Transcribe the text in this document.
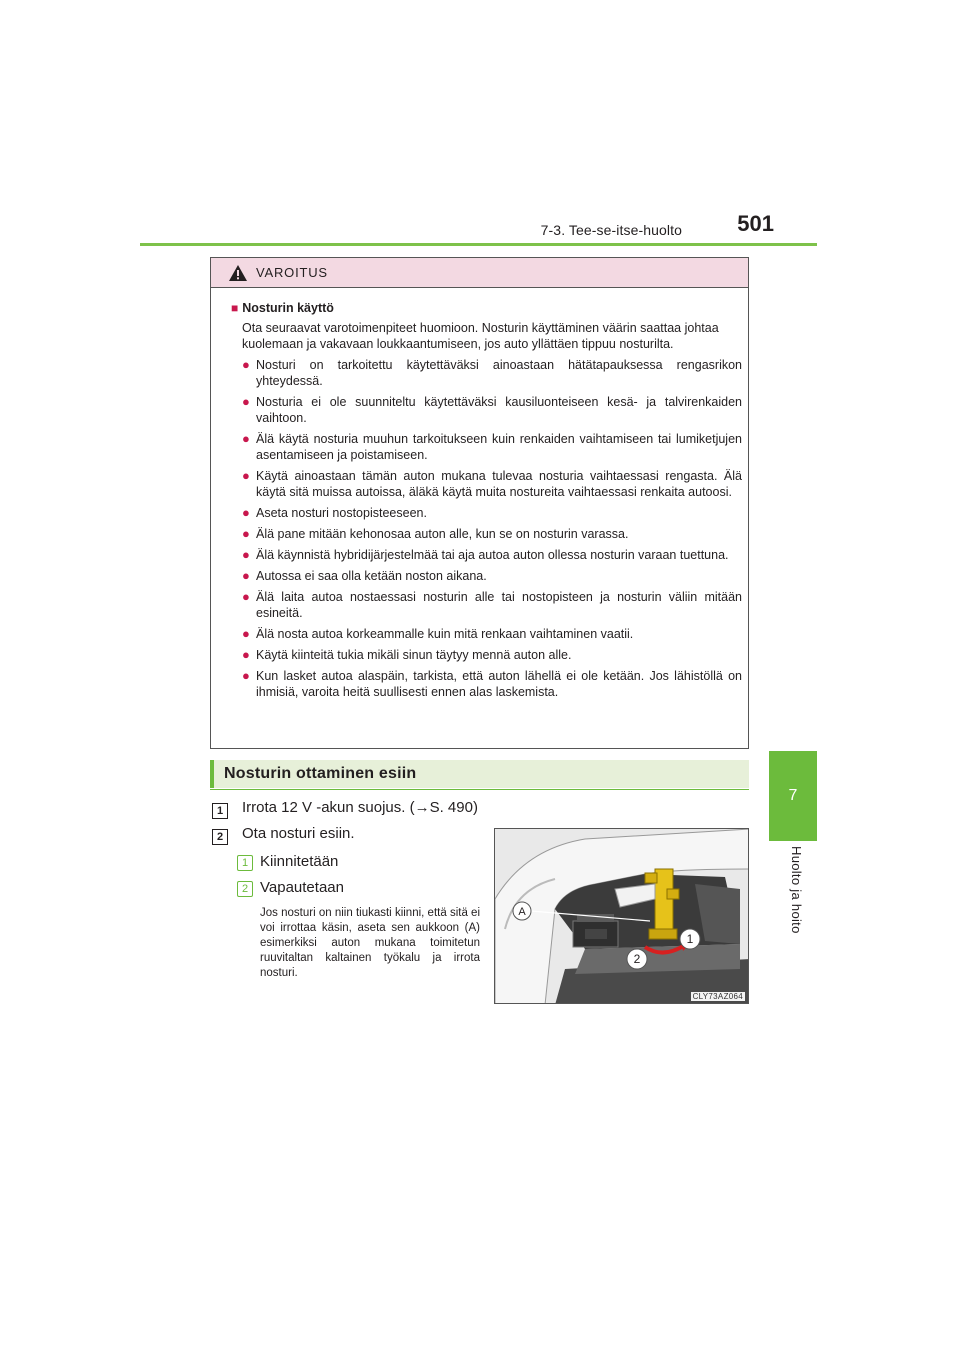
7-3. Tee-se-itse-huolto	501
7
Huolto ja hoito
VAROITUS
■ Nosturin käyttö
Ota seuraavat varotoimenpiteet huomioon. Nosturin käyttäminen väärin saattaa johtaa kuolemaan ja vakavaan loukkaantumiseen, jos auto yllättäen tippuu nosturilta.
● Nosturi on tarkoitettu käytettäväksi ainoastaan hätätapauksessa rengasrikon yhteydessä.
● Nosturia ei ole suunniteltu käytettäväksi kausiluonteiseen kesä- ja talvirenkaiden vaihtoon.
● Älä käytä nosturia muuhun tarkoitukseen kuin renkaiden vaihtamiseen tai lumiketjujen asentamiseen ja poistamiseen.
● Käytä ainoastaan tämän auton mukana tulevaa nosturia vaihtaessasi rengasta. Älä käytä sitä muissa autoissa, äläkä käytä muita nostureita vaihtaessasi renkaita autoosi.
● Aseta nosturi nostopisteeseen.
● Älä pane mitään kehonosaa auton alle, kun se on nosturin varassa.
● Älä käynnistä hybridijärjestelmää tai aja autoa auton ollessa nosturin varaan tuettuna.
● Autossa ei saa olla ketään noston aikana.
● Älä laita autoa nostaessasi nosturin alle tai nostopisteen ja nosturin väliin mitään esineitä.
● Älä nosta autoa korkeammalle kuin mitä renkaan vaihtaminen vaatii.
● Käytä kiinteitä tukia mikäli sinun täytyy mennä auton alle.
● Kun lasket autoa alaspäin, tarkista, että auton lähellä ei ole ketään. Jos lähistöllä on ihmisiä, varoita heitä suullisesti ennen alas laskemista.
Nosturin ottaminen esiin
1	Irrota 12 V -akun suojus. (→S. 490)
2	Ota nosturi esiin.
1 Kiinnitetään
2 Vapautetaan
Jos nosturi on niin tiukasti kiinni, että sitä ei voi irrottaa käsin, aseta sen aukkoon (A) esimerkiksi auton mukana toimitetun ruuvitaltan kaltainen työkalu ja irrota nosturi.
A
1
2
CLY73AZ064
